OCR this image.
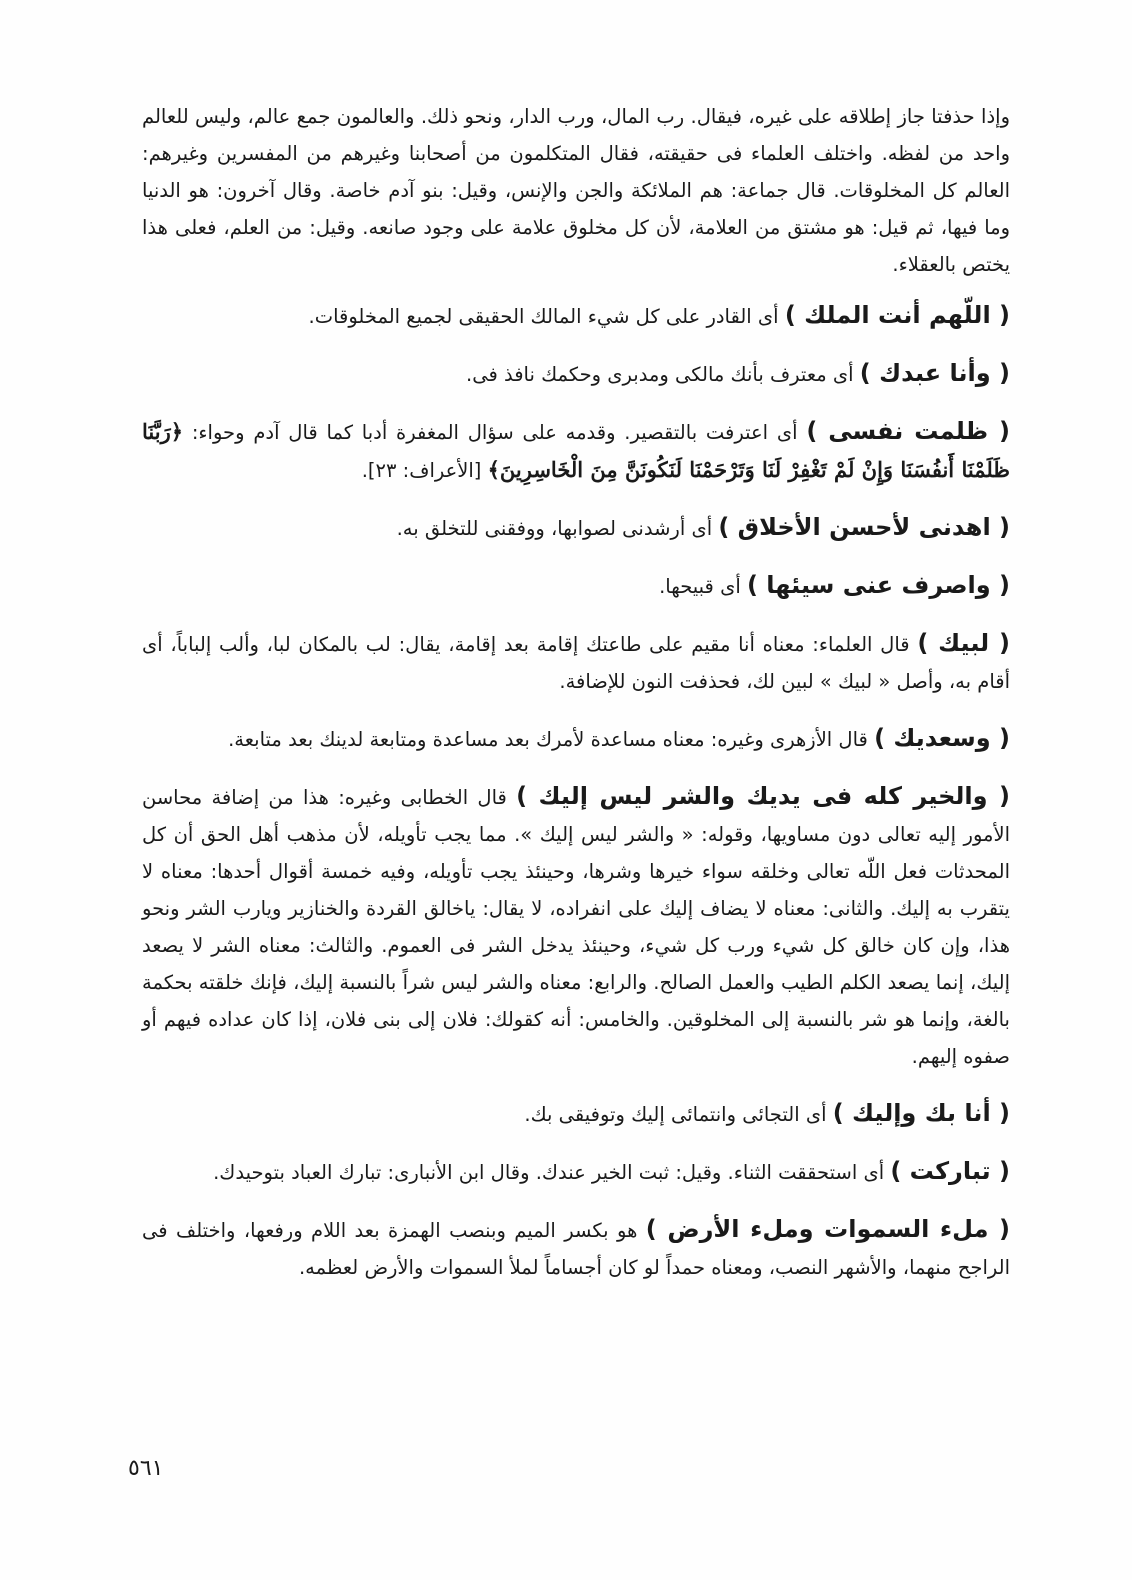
وإذا حذفتا جاز إطلاقه على غيره، فيقال. رب المال، ورب الدار، ونحو ذلك. والعالمون جمع عالم، وليس للعالم واحد من لفظه. واختلف العلماء فى حقيقته، فقال المتكلمون من أصحابنا وغيرهم من المفسرين وغيرهم: العالم كل المخلوقات. قال جماعة: هم الملائكة والجن والإنس، وقيل: بنو آدم خاصة. وقال آخرون: هو الدنيا وما فيها، ثم قيل: هو مشتق من العلامة، لأن كل مخلوق علامة على وجود صانعه. وقيل: من العلم، فعلى هذا يختص بالعقلاء.

( اللّهم أنت الملك ) أى القادر على كل شيء المالك الحقيقى لجميع المخلوقات.

( وأنا عبدك ) أى معترف بأنك مالكى ومدبرى وحكمك نافذ فى.

( ظلمت نفسى ) أى اعترفت بالتقصير. وقدمه على سؤال المغفرة أدبا كما قال آدم وحواء: ﴿رَبَّنَا ظَلَمْنَا أَنفُسَنَا وَإِنْ لَمْ تَغْفِرْ لَنَا وَتَرْحَمْنَا لَنَكُونَنَّ مِنَ الْخَاسِرِينَ﴾ [الأعراف: ٢٣].

( اهدنى لأحسن الأخلاق ) أى أرشدنى لصوابها، ووفقنى للتخلق به.

( واصرف عنى سيئها ) أى قبيحها.

( لبيك ) قال العلماء: معناه أنا مقيم على طاعتك إقامة بعد إقامة، يقال: لب بالمكان لبا، وألب إلباباً، أى أقام به، وأصل « لبيك » لبين لك، فحذفت النون للإضافة.

( وسعديك ) قال الأزهرى وغيره: معناه مساعدة لأمرك بعد مساعدة ومتابعة لدينك بعد متابعة.

( والخير كله فى يديك والشر ليس إليك ) قال الخطابى وغيره: هذا من إضافة محاسن الأمور إليه تعالى دون مساويها، وقوله: « والشر ليس إليك ». مما يجب تأويله، لأن مذهب أهل الحق أن كل المحدثات فعل اللّه تعالى وخلقه سواء خيرها وشرها، وحينئذ يجب تأويله، وفيه خمسة أقوال أحدها: معناه لا يتقرب به إليك. والثانى: معناه لا يضاف إليك على انفراده، لا يقال: ياخالق القردة والخنازير ويارب الشر ونحو هذا، وإن كان خالق كل شيء ورب كل شيء، وحينئذ يدخل الشر فى العموم. والثالث: معناه الشر لا يصعد إليك، إنما يصعد الكلم الطيب والعمل الصالح. والرابع: معناه والشر ليس شراً بالنسبة إليك، فإنك خلقته بحكمة بالغة، وإنما هو شر بالنسبة إلى المخلوقين. والخامس: أنه كقولك: فلان إلى بنى فلان، إذا كان عداده فيهم أو صفوه إليهم.

( أنا بك وإليك ) أى التجائى وانتمائى إليك وتوفيقى بك.

( تباركت ) أى استحققت الثناء. وقيل: ثبت الخير عندك. وقال ابن الأنبارى: تبارك العباد بتوحيدك.

( ملء السموات وملء الأرض ) هو بكسر الميم وبنصب الهمزة بعد اللام ورفعها، واختلف فى الراجح منهما، والأشهر النصب، ومعناه حمداً لو كان أجساماً لملأ السموات والأرض لعظمه.

٥٦١
